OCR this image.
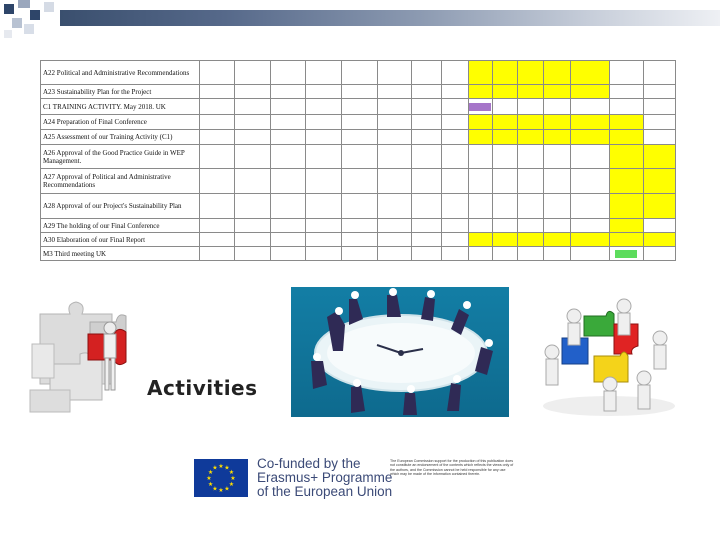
A22 Political and Administrative Recommendations															
A23 Sustainability Plan for the Project															
C1 TRAINING ACTIVITY. May 2018. UK									

A24 Preparation of Final Conference															
A25 Assessment of our Training Activity (C1)															
A26 Approval of the Good Practice Guide in WEP Management.															
A27 Approval of Political and Administrative Recommendations															
A28 Approval of our Project's Sustainability Plan															
A29 The holding of our Final Conference															
A30 Elaboration of our Final Report															
M3 Third meeting UK														

Activities
★
★
★
★
★
★
★
★
★ ★ ★
★
Co-funded by the
Erasmus+ Programme
of the European Union
The European Commission support for the production of this publication does not constitute an endorsement of the contents which reflects the views only of the authors, and the Commission cannot be held responsible for any use which may be made of the information contained therein.
